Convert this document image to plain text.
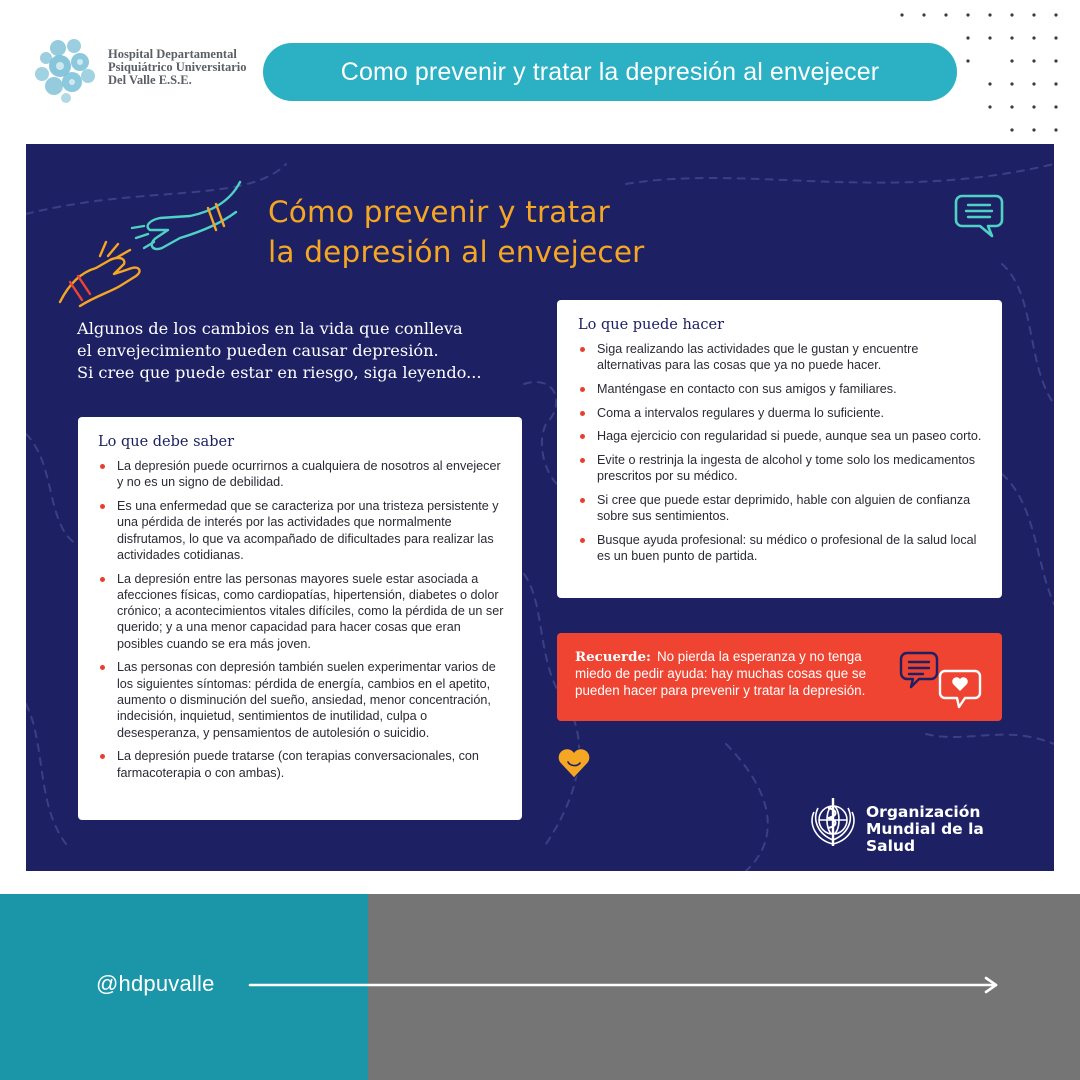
Hospital Departamental
Psiquiátrico Universitario
Del Valle E.S.E.	Como prevenir y tratar la depresión al envejecer
Cómo prevenir y tratar
la depresión al envejecer
Algunos de los cambios en la vida que conlleva
el envejecimiento pueden causar depresión.
Si cree que puede estar en riesgo, siga leyendo...
Lo que debe saber
La depresión puede ocurrirnos a cualquiera de nosotros al envejecer y no es un signo de debilidad.
Es una enfermedad que se caracteriza por una tristeza persistente y una pérdida de interés por las actividades que normalmente disfrutamos, lo que va acompañado de dificultades para realizar las actividades cotidianas.
La depresión entre las personas mayores suele estar asociada a afecciones físicas, como cardiopatías, hipertensión, diabetes o dolor crónico; a acontecimientos vitales difíciles, como la pérdida de un ser querido; y a una menor capacidad para hacer cosas que eran posibles cuando se era más joven.
Las personas con depresión también suelen experimentar varios de los siguientes síntomas: pérdida de energía, cambios en el apetito, aumento o disminución del sueño, ansiedad, menor concentración, indecisión, inquietud, sentimientos de inutilidad, culpa o desesperanza, y pensamientos de autolesión o suicidio.
La depresión puede tratarse (con terapias conversacionales, con farmacoterapia o con ambas).
Lo que puede hacer
Siga realizando las actividades que le gustan y encuentre alternativas para las cosas que ya no puede hacer.
Manténgase en contacto con sus amigos y familiares.
Coma a intervalos regulares y duerma lo suficiente.
Haga ejercicio con regularidad si puede, aunque sea un paseo corto.
Evite o restrinja la ingesta de alcohol y tome solo los medicamentos prescritos por su médico.
Si cree que puede estar deprimido, hable con alguien de confianza sobre sus sentimientos.
Busque ayuda profesional: su médico o profesional de la salud local es un buen punto de partida.
Recuerde: No pierda la esperanza y no tenga miedo de pedir ayuda: hay muchas cosas que se pueden hacer para prevenir y tratar la depresión.
Organización
Mundial de la Salud
@hdpuvalle
